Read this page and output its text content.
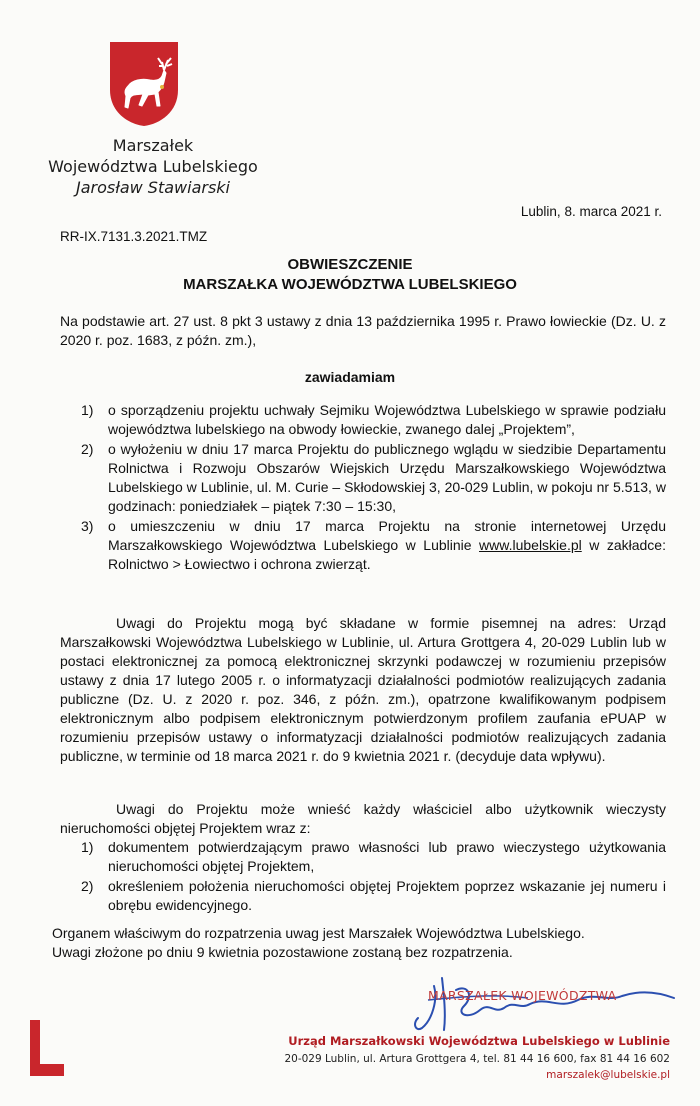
Marszałek
Województwa Lubelskiego
Jarosław Stawiarski
Lublin, 8. marca 2021 r.
RR-IX.7131.3.2021.TMZ
OBWIESZCZENIE
MARSZAŁKA WOJEWÓDZTWA LUBELSKIEGO
Na podstawie art. 27 ust. 8 pkt 3 ustawy z dnia 13 października 1995 r. Prawo łowieckie (Dz. U. z 2020 r. poz. 1683, z późn. zm.),
zawiadamiam
1) o sporządzeniu projektu uchwały Sejmiku Województwa Lubelskiego w sprawie podziału województwa lubelskiego na obwody łowieckie, zwanego dalej „Projektem”,
2) o wyłożeniu w dniu 17 marca Projektu do publicznego wglądu w siedzibie Departamentu Rolnictwa i Rozwoju Obszarów Wiejskich Urzędu Marszałkowskiego Województwa Lubelskiego w Lublinie, ul. M. Curie – Skłodowskiej 3, 20-029 Lublin, w pokoju nr 5.513, w godzinach: poniedziałek – piątek 7:30 – 15:30,
3) o umieszczeniu w dniu 17 marca Projektu na stronie internetowej Urzędu Marszałkowskiego Województwa Lubelskiego w Lublinie www.lubelskie.pl w zakładce: Rolnictwo > Łowiectwo i ochrona zwierząt.
Uwagi do Projektu mogą być składane w formie pisemnej na adres: Urząd Marszałkowski Województwa Lubelskiego w Lublinie, ul. Artura Grottgera 4, 20-029 Lublin lub w postaci elektronicznej za pomocą elektronicznej skrzynki podawczej w rozumieniu przepisów ustawy z dnia 17 lutego 2005 r. o informatyzacji działalności podmiotów realizujących zadania publiczne (Dz. U. z 2020 r. poz. 346, z późn. zm.), opatrzone kwalifikowanym podpisem elektronicznym albo podpisem elektronicznym potwierdzonym profilem zaufania ePUAP w rozumieniu przepisów ustawy o informatyzacji działalności podmiotów realizujących zadania publiczne, w terminie od 18 marca 2021 r. do 9 kwietnia 2021 r. (decyduje data wpływu).
Uwagi do Projektu może wnieść każdy właściciel albo użytkownik wieczysty nieruchomości objętej Projektem wraz z:
1) dokumentem potwierdzającym prawo własności lub prawo wieczystego użytkowania nieruchomości objętej Projektem,
2) określeniem położenia nieruchomości objętej Projektem poprzez wskazanie jej numeru i obrębu ewidencyjnego.
Organem właściwym do rozpatrzenia uwag jest Marszałek Województwa Lubelskiego.
Uwagi złożone po dniu 9 kwietnia pozostawione zostaną bez rozpatrzenia.
MARSZAŁEK WOJEWÓDZTWA
Urząd Marszałkowski Województwa Lubelskiego w Lublinie
20-029 Lublin, ul. Artura Grottgera 4, tel. 81 44 16 600, fax 81 44 16 602
marszalek@lubelskie.pl
